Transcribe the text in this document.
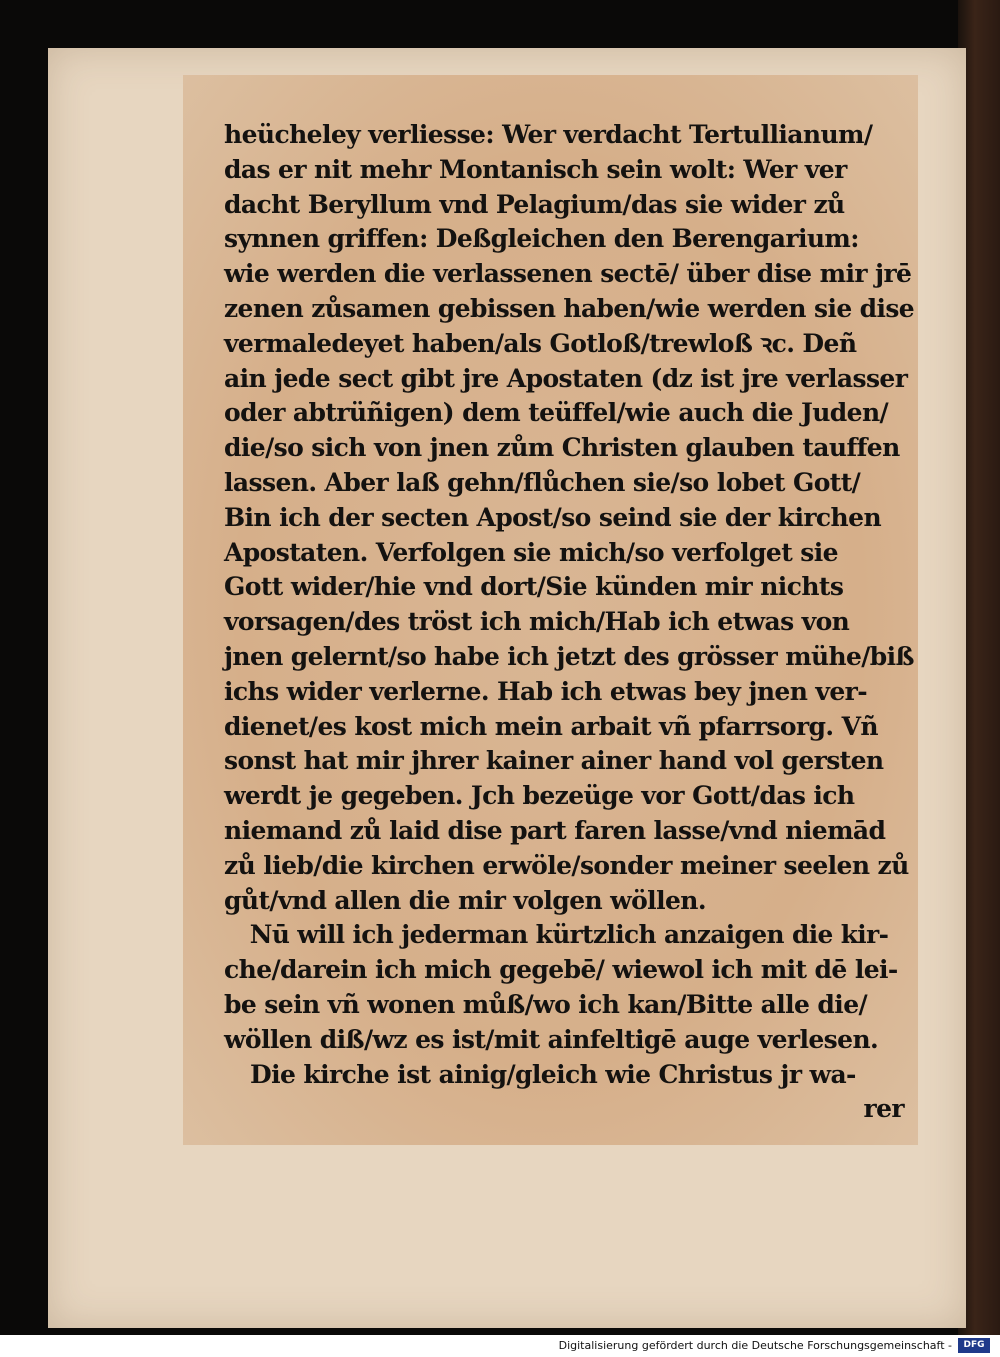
heücheley verliesse: Wer verdacht Tertullianum/
das er nit mehr Montanisch sein wolt: Wer ver
dacht Beryllum vnd Pelagium/das sie wider zů
synnen griffen: Deßgleichen den Berengarium:
wie werden die verlassenen sectē/ über dise mir jrē
zenen zůsamen gebissen haben/wie werden sie dise
vermaledeyet haben/als Gotloß/trewloß ꝛc. Deñ
ain jede sect gibt jre Apostaten (dz ist jre verlasser
oder abtrüñigen) dem teüffel/wie auch die Juden/
die/so sich von jnen zům Christen glauben tauffen
lassen. Aber laß gehn/flůchen sie/so lobet Gott/
Bin ich der secten Apost/so seind sie der kirchen
Apostaten. Verfolgen sie mich/so verfolget sie
Gott wider/hie vnd dort/Sie künden mir nichts
vorsagen/des tröst ich mich/Hab ich etwas von
jnen gelernt/so habe ich jetzt des grösser mühe/biß
ichs wider verlerne. Hab ich etwas bey jnen ver-
dienet/es kost mich mein arbait vñ pfarrsorg. Vñ
sonst hat mir jhrer kainer ainer hand vol gersten
werdt je gegeben. Jch bezeüge vor Gott/das ich
niemand zů laid dise part faren lasse/vnd niemād
zů lieb/die kirchen erwöle/sonder meiner seelen zů
gůt/vnd allen die mir volgen wöllen.
Nū will ich jederman kürtzlich anzaigen die kir-
che/darein ich mich gegebē/ wiewol ich mit dē lei-
be sein vñ wonen můß/wo ich kan/Bitte alle die/
wöllen diß/wz es ist/mit ainfeltigē auge verlesen.
Die kirche ist ainig/gleich wie Christus jr wa-
rer
Digitalisierung gefördert durch die Deutsche Forschungsgemeinschaft -	DFG
